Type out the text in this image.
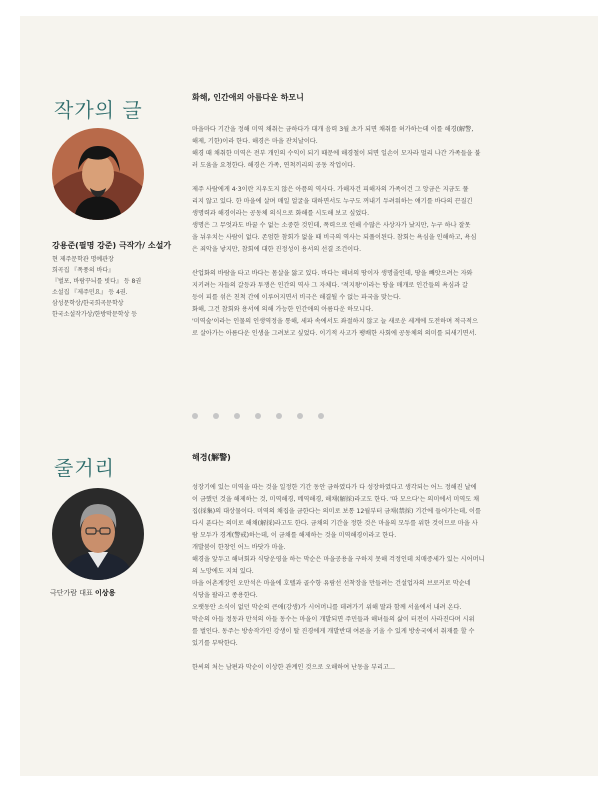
작가의 글
강용준(필명 강준) 극작가/ 소설가
현 제주문학관 명예관장
희곡집 『폭풍의 바다』
『벌포, 바람꾸늬를 빗다』 등 8권
소설집 『제주민요』 등 4권.
삼성문학상/한국희곡문학상
한국소설작가상/한방막문학상 등
화해, 인간애의 아름다운 하모니

마을마다 기간을 정해 미역 채취는 금하다가 대개 음력 3월 초가 되면 채취를 허가하는데 이를 해경(解警,
해제, 기한)이라 한다. 해경은 마을 잔치날이다.
해경 때 채취한 미역은 전부 개인의 수익이 되기 때문에 해경철이 되면 일손이 모자라 멀리 나간 가족들을 불
러 도움을 요청한다. 해경은 가족, 연척끼리의 공동 작업이다.

제주 사람에게 4·3이란 지우도지 않은 아픔의 역사다. 가해자건 피해자의 가족이건 그 앙금은 지금도 풀
리지 않고 있다. 한 마을에 살며 매일 얼굴을 대하면서도 누구도 꺼내기 두려워하는 얘기를 바다의 끈질긴
생명력과 해경이라는 공동체 의식으로 화해를 시도해 보고 싶었다.
생명은 그 무엇과도 바꿀 수 없는 소중한 것인데, 폭력으로 인해 수많은 사상자가 났지만, 누구 하나 잘못
을 뉘우치는 사람이 없다. 존엄한 참회가 없을 때 비극의 역사는 되풀이된다. 참회는 욕심을 인해하고, 욕심
은 죄악을 낳지만, 참회에 대한 진정성이 용서의 선결 조건이다.

산업화의 바람을 타고 바다는 몸살을 앓고 있다. 바다는 해녀의 땅이자 생명줄인데, 땅을 빼앗으려는 자와
지키려는 자들의 갈등과 투쟁은 인간의 역사 그 자체다. '적지왕'이라는 땅을 매개로 인간들의 욕심과 갈
등이 피를 섞은 친척 간에 이루어지면서 비극은 해결될 수 없는 파국을 맞는다.
화해, 그건 참회와 용서에 의해 가능한 인간애의 아름다운 하모니다.
'미역숲'이라는 인물의 인생역정을 통해, 세파 속에서도 좌절하지 않고 늘 새로운 세계에 도전하며 적극적으
로 살아가는 아름다운 인생을 그려보고 싶었다. 이기적 사고가 팽배한 사회에 공동체의 의미를 되새기면서.

줄거리
극단가람 대표 이상용
해경(解警)

성장기에 있는 미역을 따는 것을 일정한 기간 동안 금하였다가 다 성장하였다고 생각되는 어느 정해진 날에
이 금했던 것을 해제하는 것, 미역해경, 메역해경, 해채(解採)라고도 한다. '따 모으다'는 의미에서 미역도 채
집(採集)의 대상물이다. 미역의 채집을 금한다는 의미로 보통 12월부터 금채(禁採) 기간에 들어가는데, 이를
다시 푼다는 의미로 해채(解採)라고도 한다. 금채의 기간을 정한 것은 마을의 모두를 위한 것이므로 마을 사
람 모두가 경계(警戒)하는데, 이 금채를 해제하는 것을 미역해경이라고 한다.
개발붐이 한창인 어느 바닷가 마을.
해경을 앞두고 해녀회과 식당운영을 하는 막순은 마을공용을 구하지 못해 걱정인데 치매증세가 있는 시어머니
의 노망에도 지쳐 있다.
마을 어촌계장인 오만석은 마을에 호텔과 골수항 유람선 선착장을 만들려는 건설업자의 브로커로 막순네
식당을 팔라고 종용한다.
오랫동안 소식이 없던 막순의 큰애(강생)가 시어머니를 데려가기 위해 딸과 함께 서울에서 내려 온다.
막순의 아들 정동과 만석의 아들 동수는 마을이 개발되면 주민들과 해녀들의 삶이 터전이 사라진다며 시위
를 벌인다. 동주는 방송작가인 강생이 딸 진경에게 개발반대 여론을 키울 수 있게 방송국에서 취재를 할 수
있기를 부탁한다.

한씨의 처는 남편과 막순이 이상한 관계인 것으로 오해하여 난동을 부리고...
